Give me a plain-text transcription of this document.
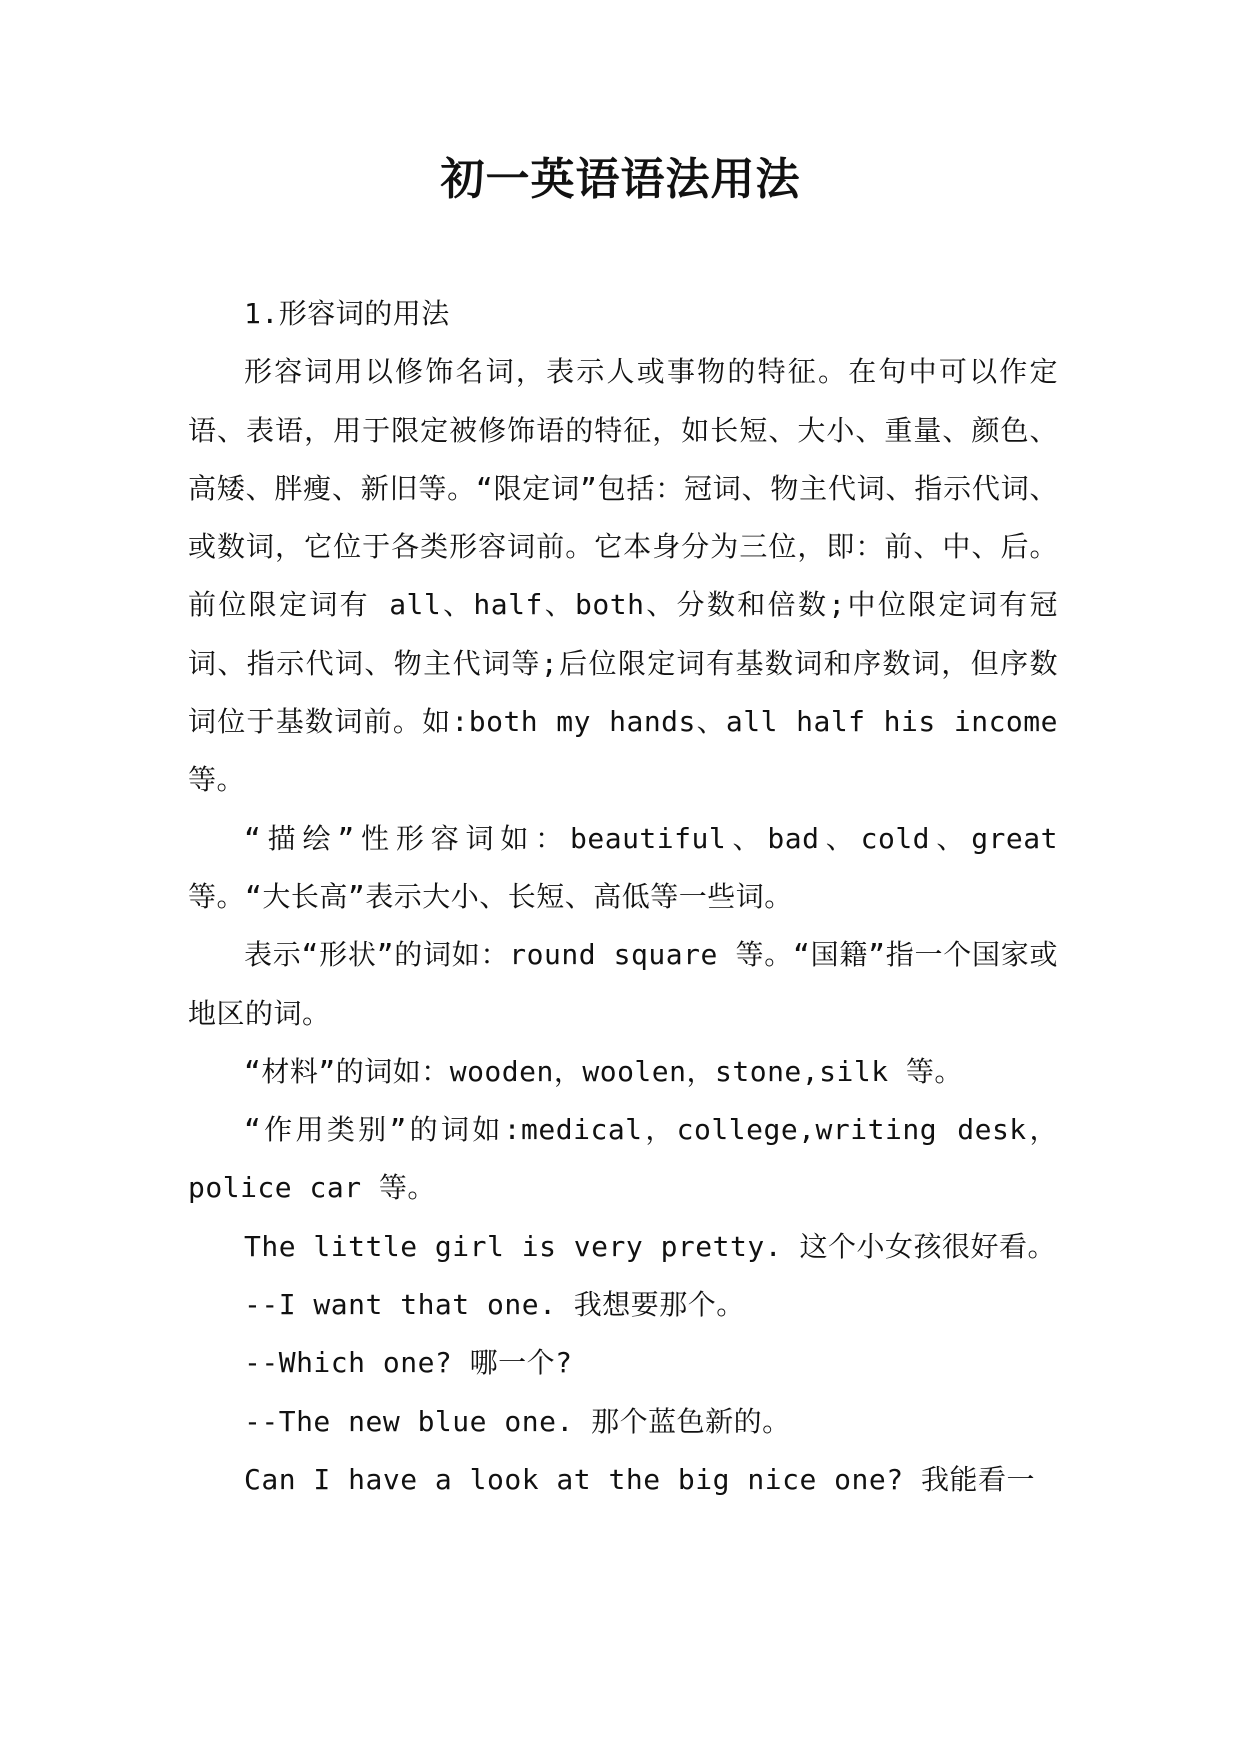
初一英语语法用法

1.形容词的用法

形容词用以修饰名词，表示人或事物的特征。在句中可以作定语、表语，用于限定被修饰语的特征，如长短、大小、重量、颜色、高矮、胖瘦、新旧等。“限定词”包括：冠词、物主代词、指示代词、或数词，它位于各类形容词前。它本身分为三位，即：前、中、后。前位限定词有 all、half、both、分数和倍数;中位限定词有冠词、指示代词、物主代词等;后位限定词有基数词和序数词，但序数词位于基数词前。如:both my hands、all half his income 等。

“描绘”性形容词如：beautiful、bad、cold、great 等。“大长高”表示大小、长短、高低等一些词。

表示“形状”的词如：round square 等。“国籍”指一个国家或地区的词。

“材料”的词如：wooden，woolen，stone,silk 等。

“作用类别”的词如:medical，college,writing desk，police car 等。

The little girl is very pretty. 这个小女孩很好看。

--I want that one. 我想要那个。

--Which one? 哪一个?

--The new blue one. 那个蓝色新的。

Can I have a look at the big nice one? 我能看一
